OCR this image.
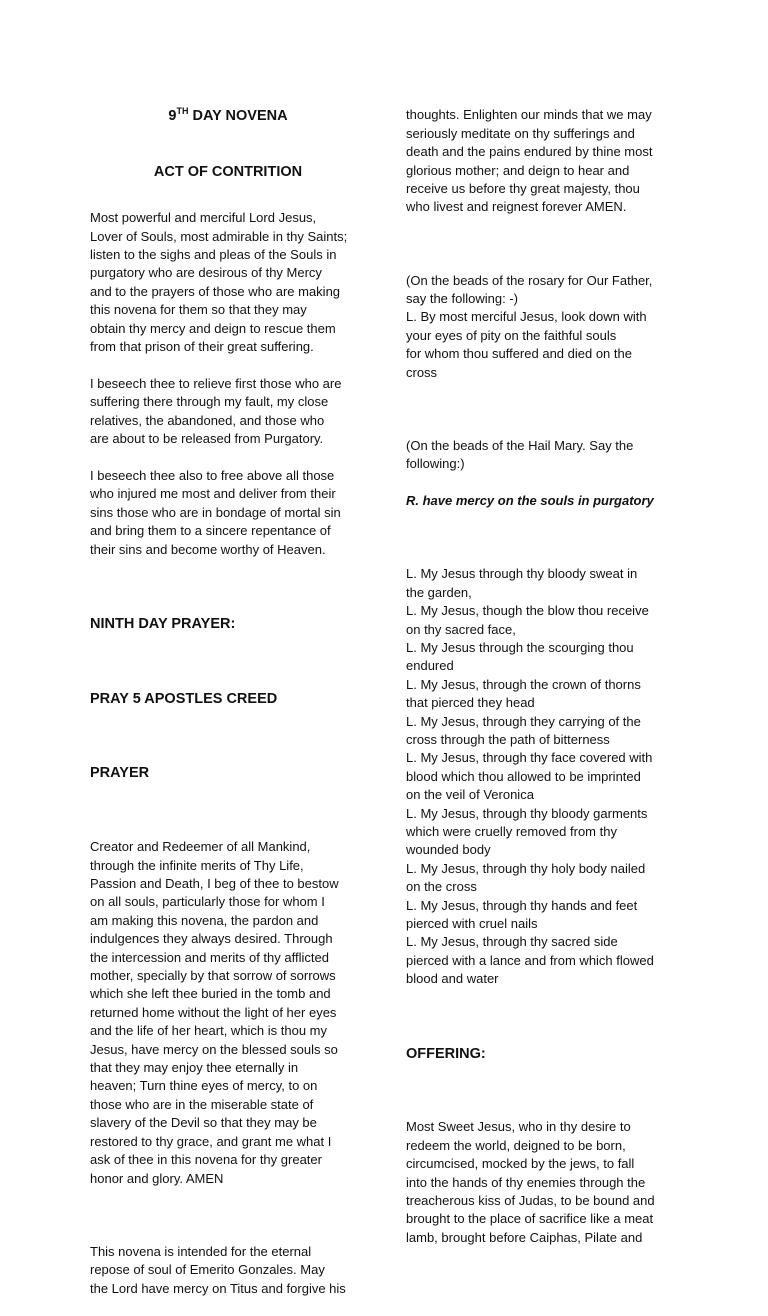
9TH DAY NOVENA

ACT OF CONTRITION

Most powerful and merciful Lord Jesus,
Lover of Souls, most admirable in thy Saints;
listen to the sighs and pleas of the Souls in
purgatory who are desirous of thy Mercy
and to the prayers of those who are making
this novena for them so that they may
obtain thy mercy and deign to rescue them
from that prison of their great suffering.

I beseech thee to relieve first those who are
suffering there through my fault, my close
relatives, the abandoned, and those who
are about to be released from Purgatory.

I beseech thee also to free above all those
who injured me most and deliver from their
sins those who are in bondage of mortal sin
and bring them to a sincere repentance of
their sins and become worthy of Heaven.

NINTH DAY PRAYER:

PRAY 5 APOSTLES CREED

PRAYER

Creator and Redeemer of all Mankind,
through the infinite merits of Thy Life,
Passion and Death, I beg of thee to bestow
on all souls, particularly those for whom I
am making this novena, the pardon and
indulgences they always desired. Through
the intercession and merits of thy afflicted
mother, specially by that sorrow of sorrows
which she left thee buried in the tomb and
returned home without the light of her eyes
and the life of her heart, which is thou my
Jesus, have mercy on the blessed souls so
that they may enjoy thee eternally in
heaven; Turn thine eyes of mercy, to on
those who are in the miserable state of
slavery of the Devil so that they may be
restored to thy grace, and grant me what I
ask of thee in this novena for thy greater
honor and glory. AMEN

This novena is intended for the eternal
repose of soul of Emerito Gonzales. May
the Lord have mercy on Titus and forgive his

thoughts. Enlighten our minds that we may
seriously meditate on thy sufferings and
death and the pains endured by thine most
glorious mother; and deign to hear and
receive us before thy great majesty, thou
who livest and reignest forever AMEN.

(On the beads of the rosary for Our Father,
say the following: -)
L. By most merciful Jesus, look down with
your eyes of pity on the faithful souls
for whom thou suffered and died on the
cross

(On the beads of the Hail Mary. Say the
following:)

R. have mercy on the souls in purgatory

L. My Jesus through thy bloody sweat in
the garden,
L. My Jesus, though the blow thou receive
on thy sacred face,
L. My Jesus through the scourging thou
endured
L. My Jesus, through the crown of thorns
that pierced they head
L. My Jesus, through they carrying of the
cross through the path of bitterness
L. My Jesus, through thy face covered with
blood which thou allowed to be imprinted
on the veil of Veronica
L. My Jesus, through thy bloody garments
which were cruelly removed from thy
wounded body
L. My Jesus, through thy holy body nailed
on the cross
L. My Jesus, through thy hands and feet
pierced with cruel nails
L. My Jesus, through thy sacred side
pierced with a lance and from which flowed
blood and water

OFFERING:

Most Sweet Jesus, who in thy desire to
redeem the world, deigned to be born,
circumcised, mocked by the jews, to fall
into the hands of thy enemies through the
treacherous kiss of Judas, to be bound and
brought to the place of sacrifice like a meat
lamb, brought before Caiphas, Pilate and
